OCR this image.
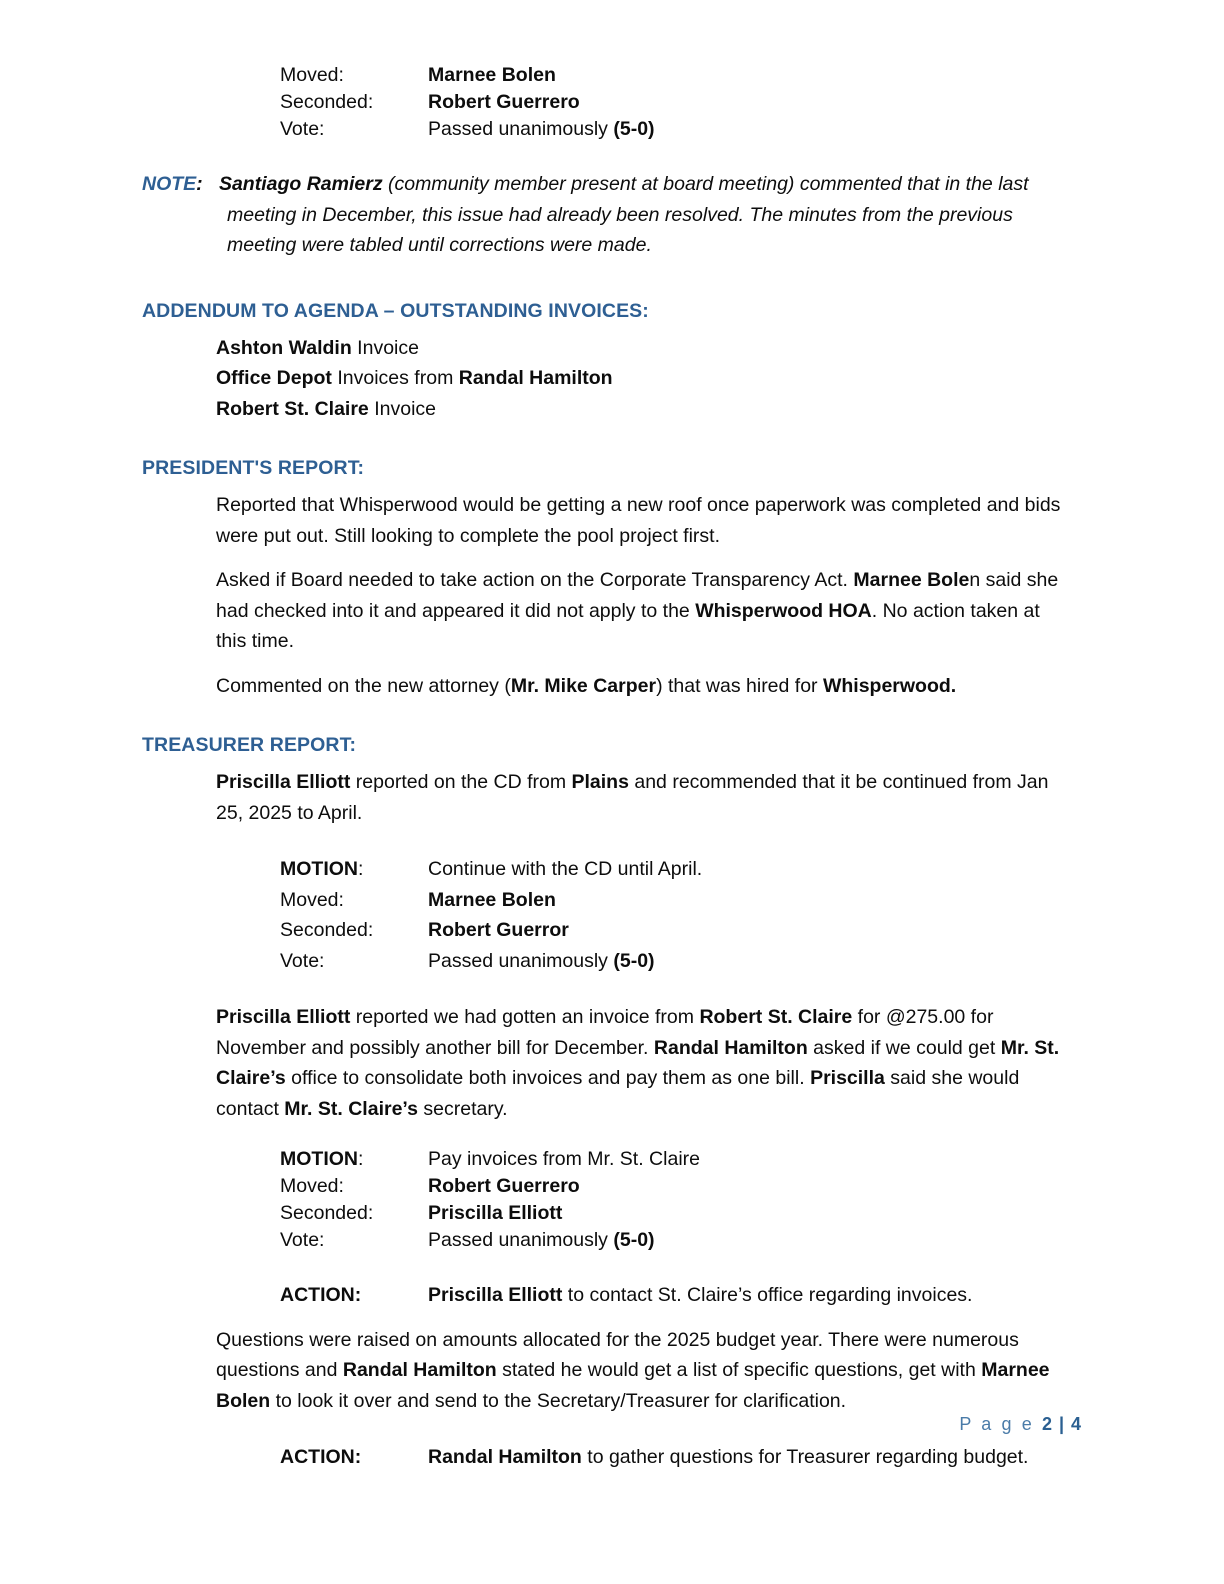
Moved:	Marnee Bolen
Seconded:	Robert Guerrero
Vote:	Passed unanimously (5-0)
NOTE: Santiago Ramierz (community member present at board meeting) commented that in the last meeting in December, this issue had already been resolved. The minutes from the previous meeting were tabled until corrections were made.
ADDENDUM TO AGENDA – OUTSTANDING INVOICES:
Ashton Waldin Invoice
Office Depot Invoices from Randal Hamilton
Robert St. Claire Invoice
PRESIDENT'S REPORT:
Reported that Whisperwood would be getting a new roof once paperwork was completed and bids were put out. Still looking to complete the pool project first.
Asked if Board needed to take action on the Corporate Transparency Act. Marnee Bolen said she had checked into it and appeared it did not apply to the Whisperwood HOA. No action taken at this time.
Commented on the new attorney (Mr. Mike Carper) that was hired for Whisperwood.
TREASURER REPORT:
Priscilla Elliott reported on the CD from Plains and recommended that it be continued from Jan 25, 2025 to April.
MOTION:	Continue with the CD until April.
Moved:	Marnee Bolen
Seconded:	Robert Guerror
Vote:	Passed unanimously (5-0)
Priscilla Elliott reported we had gotten an invoice from Robert St. Claire for @275.00 for November and possibly another bill for December. Randal Hamilton asked if we could get Mr. St. Claire’s office to consolidate both invoices and pay them as one bill. Priscilla said she would contact Mr. St. Claire’s secretary.
MOTION:	Pay invoices from Mr. St. Claire
Moved:	Robert Guerrero
Seconded:	Priscilla Elliott
Vote:	Passed unanimously (5-0)
ACTION:	Priscilla Elliott to contact St. Claire’s office regarding invoices.
Questions were raised on amounts allocated for the 2025 budget year. There were numerous questions and Randal Hamilton stated he would get a list of specific questions, get with Marnee Bolen to look it over and send to the Secretary/Treasurer for clarification.
ACTION:	Randal Hamilton to gather questions for Treasurer regarding budget.
P a g e 2 | 4
